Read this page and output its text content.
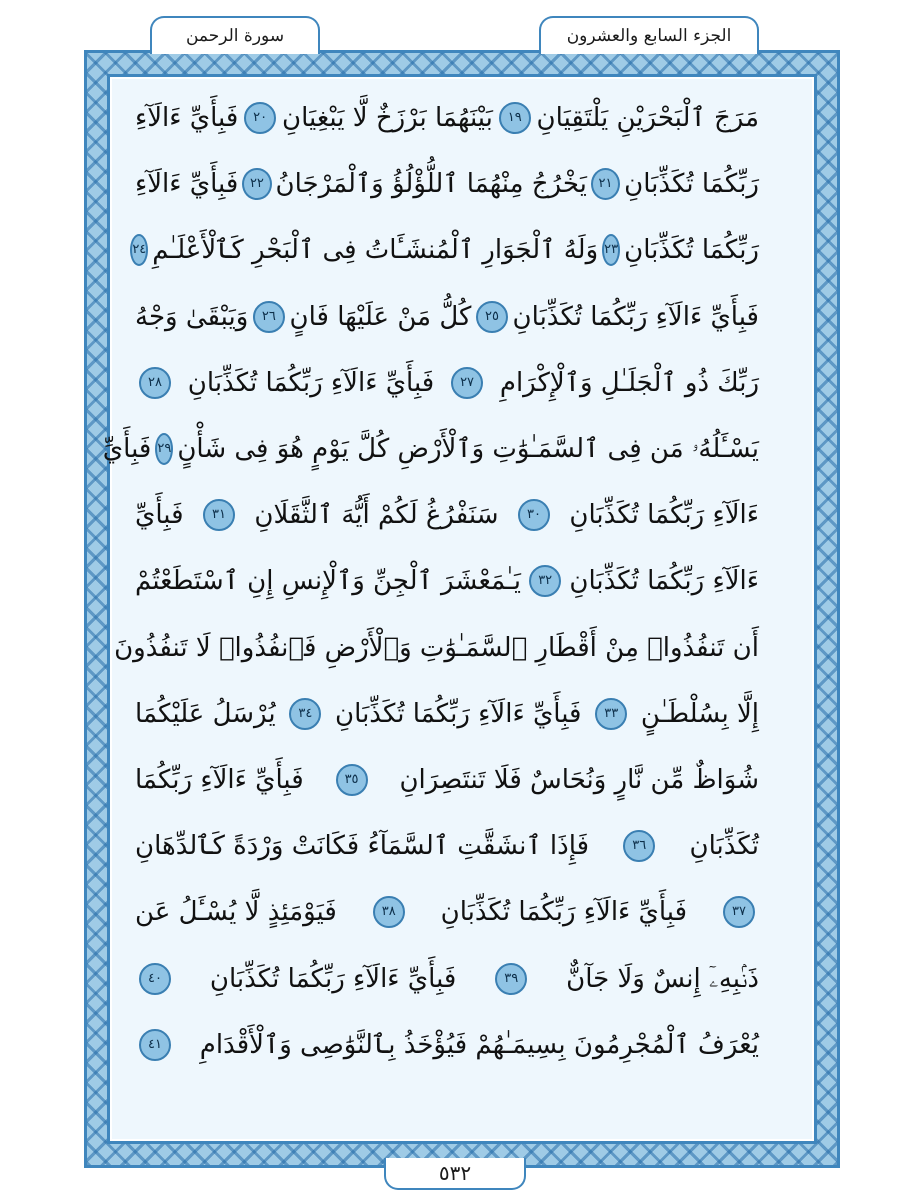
الجزء السابع والعشرون
سورة الرحمن
مَرَجَ ٱلْبَحْرَيْنِ يَلْتَقِيَانِ
١٩
بَيْنَهُمَا بَرْزَخٌ لَّا يَبْغِيَانِ
٢٠
فَبِأَيِّ ءَالَآءِ
رَبِّكُمَا تُكَذِّبَانِ
٢١
يَخْرُجُ مِنْهُمَا ٱللُّؤْلُؤُ وَٱلْمَرْجَانُ
٢٢
فَبِأَيِّ ءَالَآءِ
رَبِّكُمَا تُكَذِّبَانِ
٢٣
وَلَهُ ٱلْجَوَارِ ٱلْمُنشَـَٔاتُ فِى ٱلْبَحْرِ كَٱلْأَعْلَـٰمِ
٢٤
فَبِأَيِّ ءَالَآءِ رَبِّكُمَا تُكَذِّبَانِ
٢٥
كُلُّ مَنْ عَلَيْهَا فَانٍ
٢٦
وَيَبْقَىٰ وَجْهُ
رَبِّكَ ذُو ٱلْجَلَـٰلِ وَٱلْإِكْرَامِ
٢٧
فَبِأَيِّ ءَالَآءِ رَبِّكُمَا تُكَذِّبَانِ
٢٨
يَسْـَٔلُهُۥ مَن فِى ٱلسَّمَـٰوَٰتِ وَٱلْأَرْضِ كُلَّ يَوْمٍ هُوَ فِى شَأْنٍ
٢٩
فَبِأَيِّ
ءَالَآءِ رَبِّكُمَا تُكَذِّبَانِ
٣٠
سَنَفْرُغُ لَكُمْ أَيُّهَ ٱلثَّقَلَانِ
٣١
فَبِأَيِّ
ءَالَآءِ رَبِّكُمَا تُكَذِّبَانِ
٣٢
يَـٰمَعْشَرَ ٱلْجِنِّ وَٱلْإِنسِ إِنِ ٱسْتَطَعْتُمْ
أَن تَنفُذُوا۟ مِنْ أَقْطَارِ ٱلسَّمَـٰوَٰتِ وَٱلْأَرْضِ فَٱنفُذُوا۟ لَا تَنفُذُونَ
إِلَّا بِسُلْطَـٰنٍ
٣٣
فَبِأَيِّ ءَالَآءِ رَبِّكُمَا تُكَذِّبَانِ
٣٤
يُرْسَلُ عَلَيْكُمَا
شُوَاظٌ مِّن نَّارٍ وَنُحَاسٌ فَلَا تَنتَصِرَانِ
٣٥
فَبِأَيِّ ءَالَآءِ رَبِّكُمَا
تُكَذِّبَانِ
٣٦
فَإِذَا ٱنشَقَّتِ ٱلسَّمَآءُ فَكَانَتْ وَرْدَةً كَٱلدِّهَانِ
٣٧
فَبِأَيِّ ءَالَآءِ رَبِّكُمَا تُكَذِّبَانِ
٣٨
فَيَوْمَئِذٍ لَّا يُسْـَٔلُ عَن
ذَنۢبِهِۦٓ إِنسٌ وَلَا جَآنٌّ
٣٩
فَبِأَيِّ ءَالَآءِ رَبِّكُمَا تُكَذِّبَانِ
٤٠
يُعْرَفُ ٱلْمُجْرِمُونَ بِسِيمَـٰهُمْ فَيُؤْخَذُ بِٱلنَّوَٰصِى وَٱلْأَقْدَامِ
٤١
٥٣٢
